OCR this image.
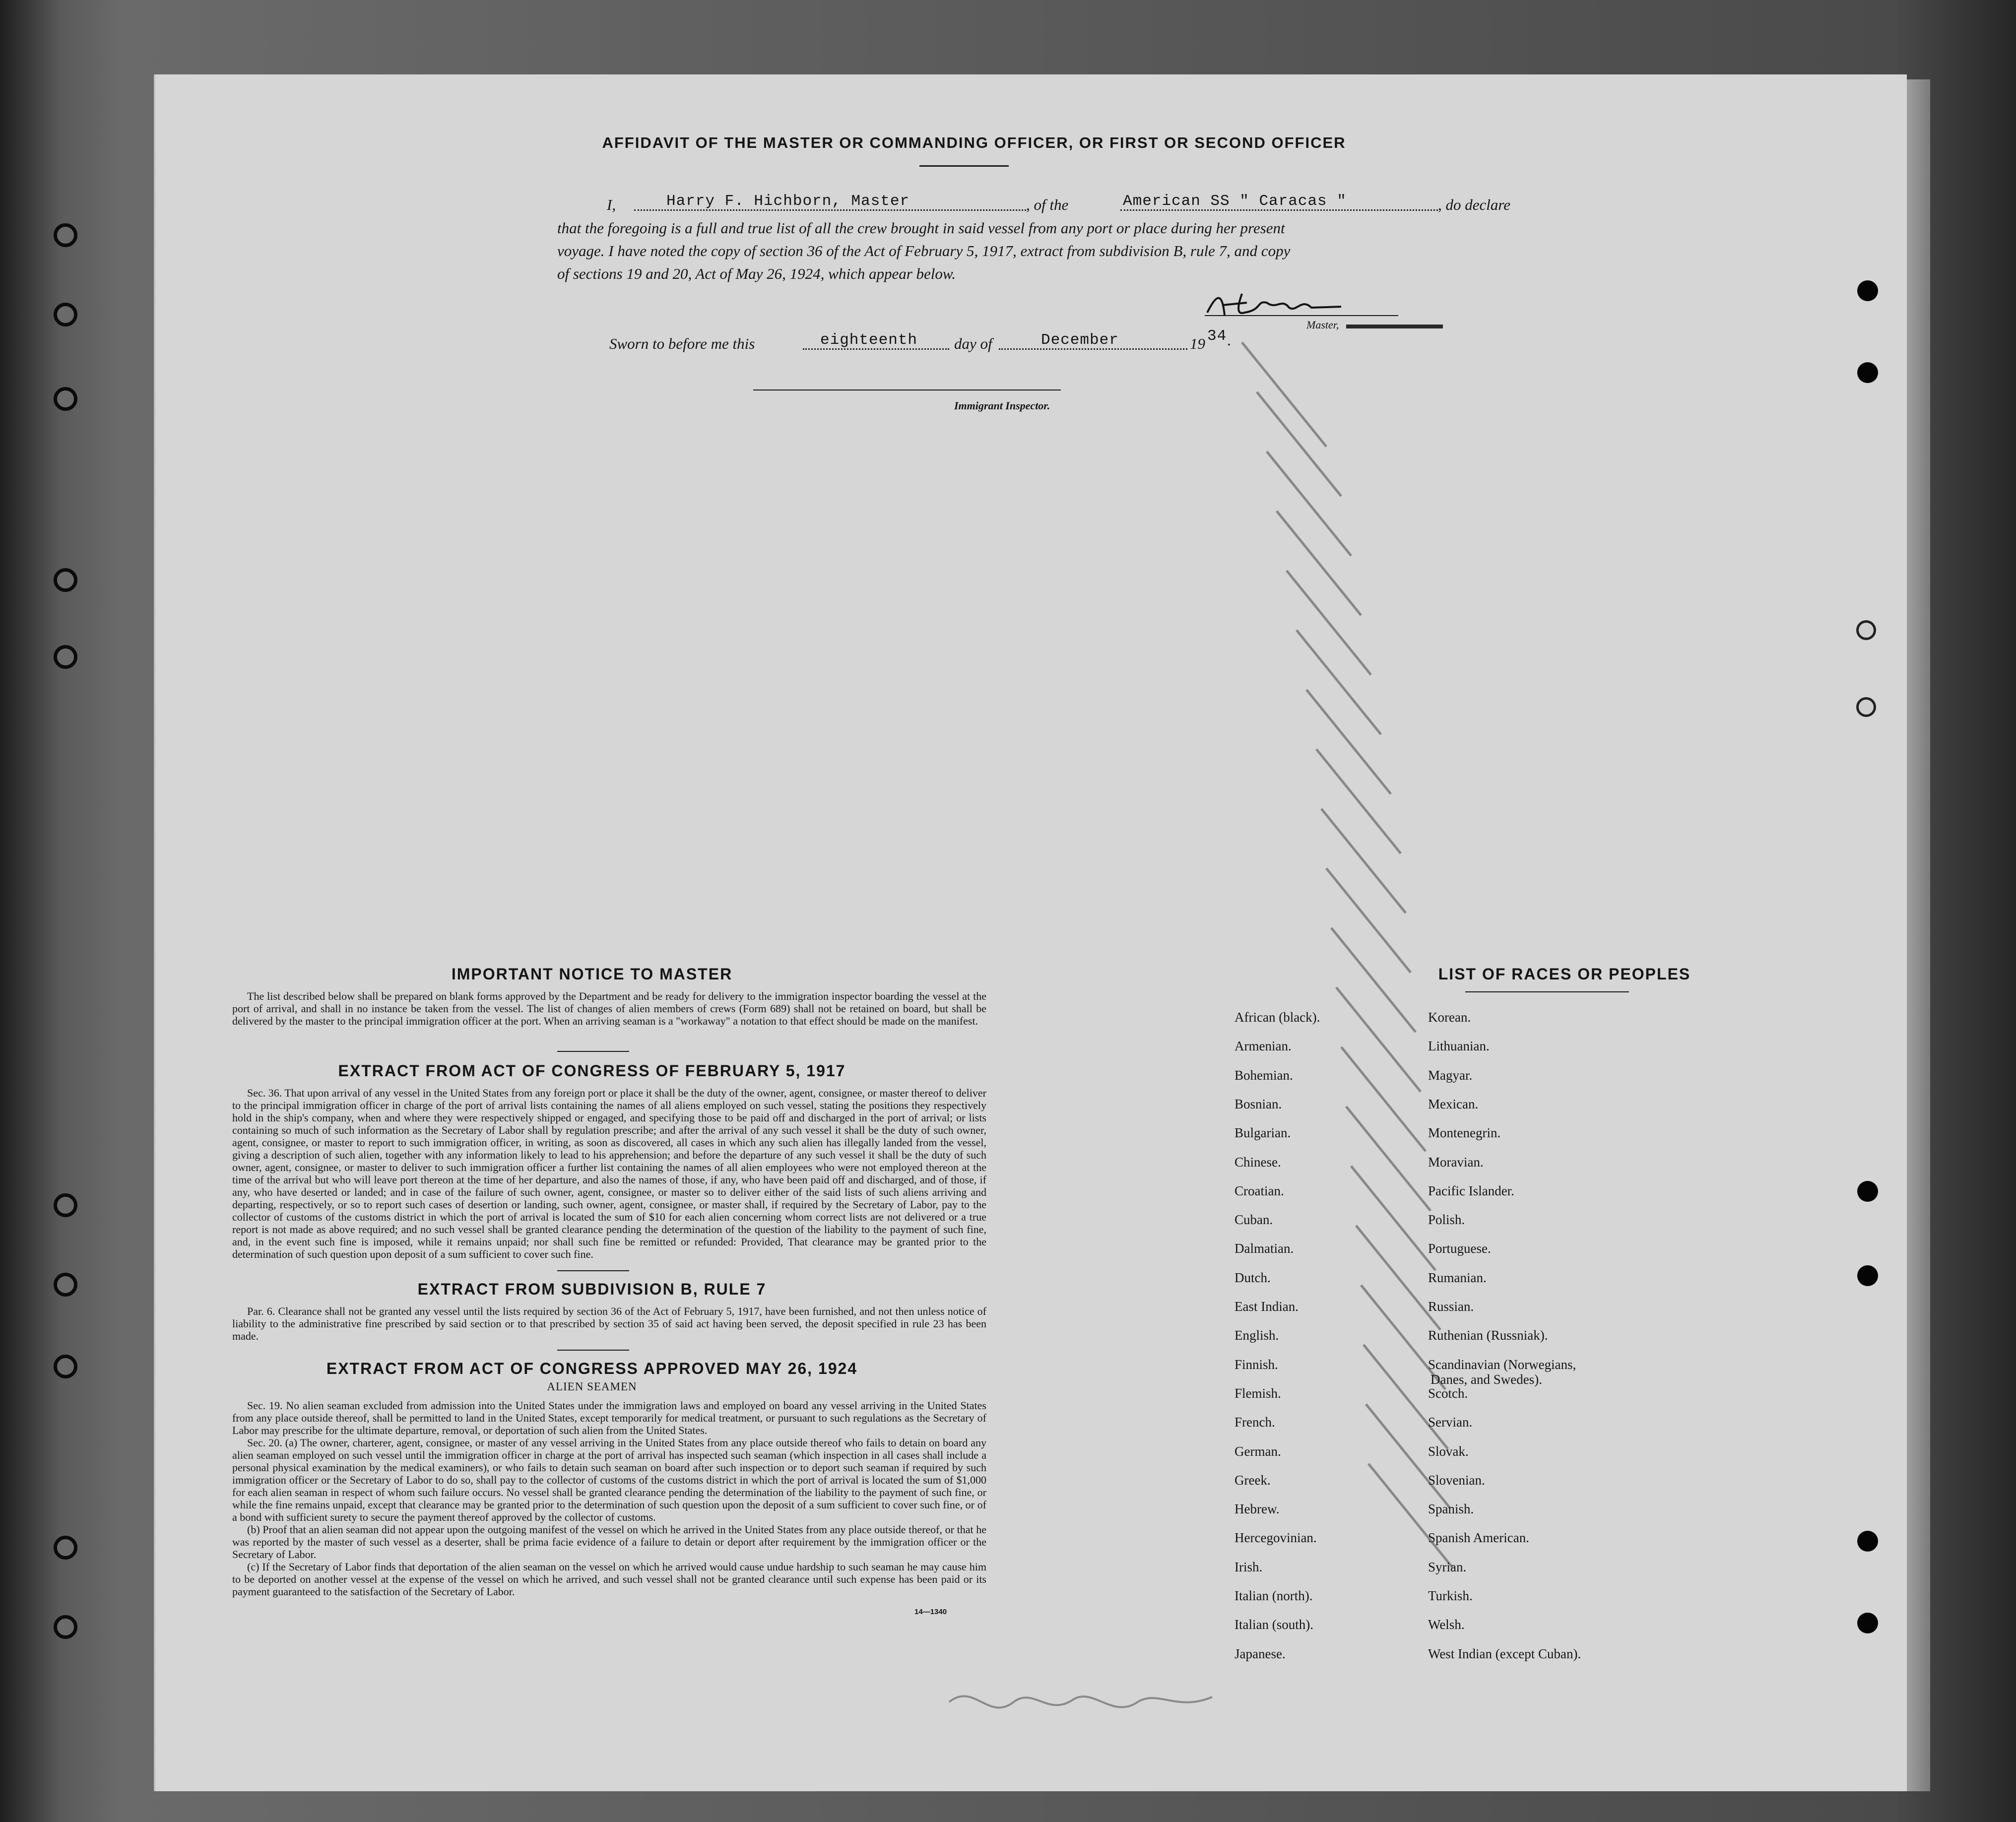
AFFIDAVIT OF THE MASTER OR COMMANDING OFFICER, OR FIRST OR SECOND OFFICER
I,	Harry F. Hichborn, Master	, of the	American SS " Caracas "	, do declare
that the foregoing is a full and true list of all the crew brought in said vessel from any port or place during her present
voyage. I have noted the copy of section 36 of the Act of February 5, 1917, extract from subdivision B, rule 7, and copy
of sections 19 and 20, Act of May 26, 1924, which appear below.
Master,
Sworn to before me this	eighteenth day of	December	19 34 .
Immigrant Inspector.
IMPORTANT NOTICE TO MASTER
The list described below shall be prepared on blank forms approved by the Department and be ready for delivery to the immigration inspector boarding the vessel at the port of arrival, and shall in no instance be taken from the vessel. The list of changes of alien members of crews (Form 689) shall not be retained on board, but shall be delivered by the master to the principal immigration officer at the port. When an arriving seaman is a "workaway" a notation to that effect should be made on the manifest.
EXTRACT FROM ACT OF CONGRESS OF FEBRUARY 5, 1917
Sec. 36. That upon arrival of any vessel in the United States from any foreign port or place it shall be the duty of the owner, agent, consignee, or master thereof to deliver to the principal immigration officer in charge of the port of arrival lists containing the names of all aliens employed on such vessel, stating the positions they respectively hold in the ship's company, when and where they were respectively shipped or engaged, and specifying those to be paid off and discharged in the port of arrival; or lists containing so much of such information as the Secretary of Labor shall by regulation prescribe; and after the arrival of any such vessel it shall be the duty of such owner, agent, consignee, or master to report to such immigration officer, in writing, as soon as discovered, all cases in which any such alien has illegally landed from the vessel, giving a description of such alien, together with any information likely to lead to his apprehension; and before the departure of any such vessel it shall be the duty of such owner, agent, consignee, or master to deliver to such immigration officer a further list containing the names of all alien employees who were not employed thereon at the time of the arrival but who will leave port thereon at the time of her departure, and also the names of those, if any, who have been paid off and discharged, and of those, if any, who have deserted or landed; and in case of the failure of such owner, agent, consignee, or master so to deliver either of the said lists of such aliens arriving and departing, respectively, or so to report such cases of desertion or landing, such owner, agent, consignee, or master shall, if required by the Secretary of Labor, pay to the collector of customs of the customs district in which the port of arrival is located the sum of $10 for each alien concerning whom correct lists are not delivered or a true report is not made as above required; and no such vessel shall be granted clearance pending the determination of the question of the liability to the payment of such fine, and, in the event such fine is imposed, while it remains unpaid; nor shall such fine be remitted or refunded: Provided, That clearance may be granted prior to the determination of such question upon deposit of a sum sufficient to cover such fine.
EXTRACT FROM SUBDIVISION B, RULE 7
Par. 6. Clearance shall not be granted any vessel until the lists required by section 36 of the Act of February 5, 1917, have been furnished, and not then unless notice of liability to the administrative fine prescribed by said section or to that prescribed by section 35 of said act having been served, the deposit specified in rule 23 has been made.
EXTRACT FROM ACT OF CONGRESS APPROVED MAY 26, 1924
ALIEN SEAMEN
Sec. 19. No alien seaman excluded from admission into the United States under the immigration laws and employed on board any vessel arriving in the United States from any place outside thereof, shall be permitted to land in the United States, except temporarily for medical treatment, or pursuant to such regulations as the Secretary of Labor may prescribe for the ultimate departure, removal, or deportation of such alien from the United States.
Sec. 20. (a) The owner, charterer, agent, consignee, or master of any vessel arriving in the United States from any place outside thereof who fails to detain on board any alien seaman employed on such vessel until the immigration officer in charge at the port of arrival has inspected such seaman (which inspection in all cases shall include a personal physical examination by the medical examiners), or who fails to detain such seaman on board after such inspection or to deport such seaman if required by such immigration officer or the Secretary of Labor to do so, shall pay to the collector of customs of the customs district in which the port of arrival is located the sum of $1,000 for each alien seaman in respect of whom such failure occurs. No vessel shall be granted clearance pending the determination of the liability to the payment of such fine, or while the fine remains unpaid, except that clearance may be granted prior to the determination of such question upon the deposit of a sum sufficient to cover such fine, or of a bond with sufficient surety to secure the payment thereof approved by the collector of customs.
(b) Proof that an alien seaman did not appear upon the outgoing manifest of the vessel on which he arrived in the United States from any place outside thereof, or that he was reported by the master of such vessel as a deserter, shall be prima facie evidence of a failure to detain or deport after requirement by the immigration officer or the Secretary of Labor.
(c) If the Secretary of Labor finds that deportation of the alien seaman on the vessel on which he arrived would cause undue hardship to such seaman he may cause him to be deported on another vessel at the expense of the vessel on which he arrived, and such vessel shall not be granted clearance until such expense has been paid or its payment guaranteed to the satisfaction of the Secretary of Labor.
14—1340
LIST OF RACES OR PEOPLES
African (black).
Armenian.
Bohemian.
Bosnian.
Bulgarian.
Chinese.
Croatian.
Cuban.
Dalmatian.
Dutch.
East Indian.
English.
Finnish.
Flemish.
French.
German.
Greek.
Hebrew.
Hercegovinian.
Irish.
Italian (north).
Italian (south).
Japanese.
Korean.
Lithuanian.
Magyar.
Mexican.
Montenegrin.
Moravian.
Pacific Islander.
Polish.
Portuguese.
Rumanian.
Russian.
Ruthenian (Russniak).
Scandinavian (Norwegians,
Danes, and Swedes).
Scotch.
Servian.
Slovak.
Slovenian.
Spanish.
Spanish American.
Syrian.
Turkish.
Welsh.
West Indian (except Cuban).
